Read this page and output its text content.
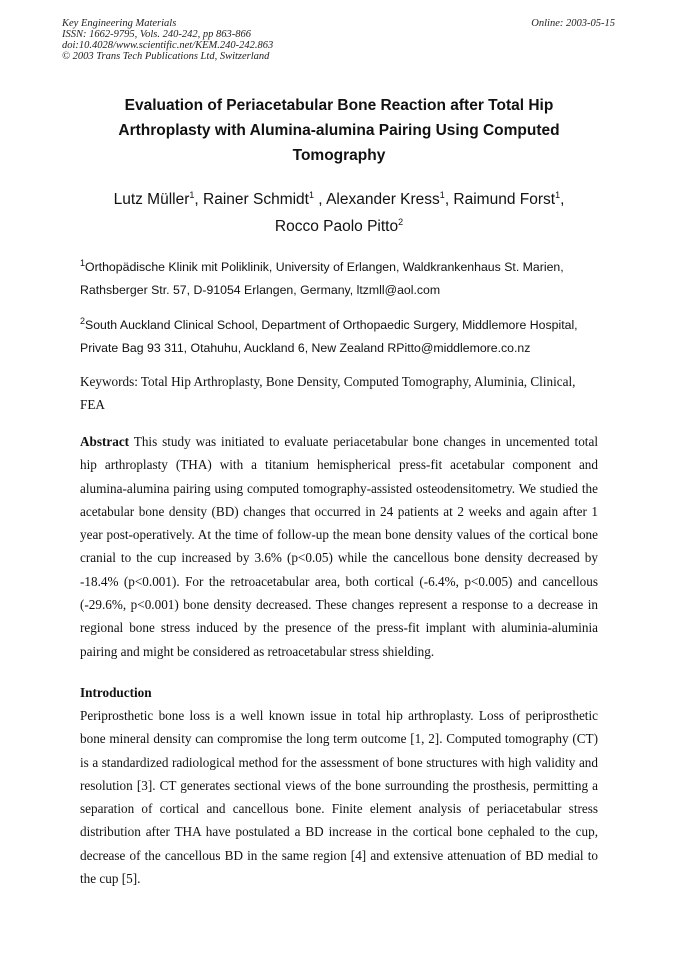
Key Engineering Materials
ISSN: 1662-9795, Vols. 240-242, pp 863-866
doi:10.4028/www.scientific.net/KEM.240-242.863
© 2003 Trans Tech Publications Ltd, Switzerland
Online: 2003-05-15
Evaluation of Periacetabular Bone Reaction after Total Hip
Arthroplasty with Alumina-alumina Pairing Using Computed
Tomography
Lutz Müller$^1$, Rainer Schmidt$^1$ , Alexander Kress$^1$, Raimund Forst$^1$,
Rocco Paolo Pitto$^2$
$^1$Orthopädische Klinik mit Poliklinik, University of Erlangen, Waldkrankenhaus St. Marien,
Rathsberger Str. 57, D-91054 Erlangen, Germany, ltzmll@aol.com
$^2$South Auckland Clinical School, Department of Orthopaedic Surgery, Middlemore Hospital,
Private Bag 93 311, Otahuhu, Auckland 6, New Zealand RPitto@middlemore.co.nz
Keywords: Total Hip Arthroplasty, Bone Density, Computed Tomography, Aluminia, Clinical, FEA
Abstract This study was initiated to evaluate periacetabular bone changes in uncemented total hip arthroplasty (THA) with a titanium hemispherical press-fit acetabular component and alumina-alumina pairing using computed tomography-assisted osteodensitometry. We studied the acetabular bone density (BD) changes that occurred in 24 patients at 2 weeks and again after 1 year post-operatively. At the time of follow-up the mean bone density values of the cortical bone cranial to the cup increased by 3.6% (p<0.05) while the cancellous bone density decreased by -18.4% (p<0.001). For the retroacetabular area, both cortical (-6.4%, p<0.005) and cancellous (-29.6%, p<0.001) bone density decreased. These changes represent a response to a decrease in regional bone stress induced by the presence of the press-fit implant with aluminia-aluminia pairing and might be considered as retroacetabular stress shielding.
Introduction
Periprosthetic bone loss is a well known issue in total hip arthroplasty. Loss of periprosthetic bone mineral density can compromise the long term outcome [1, 2]. Computed tomography (CT) is a standardized radiological method for the assessment of bone structures with high validity and resolution [3]. CT generates sectional views of the bone surrounding the prosthesis, permitting a separation of cortical and cancellous bone. Finite element analysis of periacetabular stress distribution after THA have postulated a BD increase in the cortical bone cephaled to the cup, decrease of the cancellous BD in the same region [4] and extensive attenuation of BD medial to the cup [5].
